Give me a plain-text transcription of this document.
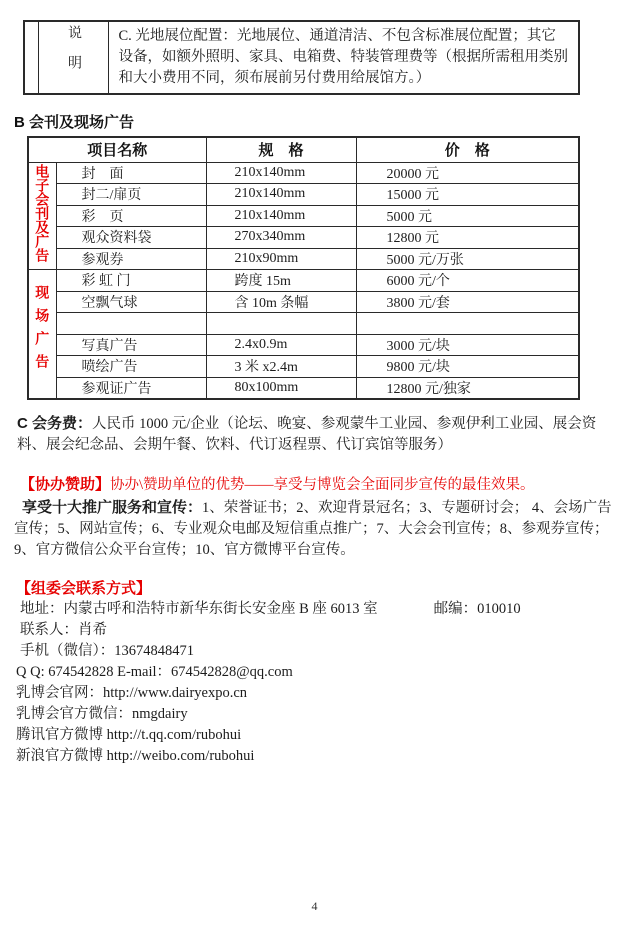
	说明	C. 光地展位配置：光地展位、通道清洁、不包含标准展位配置；其它设备，如额外照明、家具、电箱费、特装管理费等（根据所需租用类别和大小费用不同，须布展前另付费用给展馆方。）
B 会刊及现场广告
项目名称		规　格	价　格
电子会刊及广告	封　面	210x140mm	20000 元
	封二/扉页	210x140mm	15000 元
	彩　页	210x140mm	5000 元
	观众资料袋	270x340mm	12800 元
	参观券	210x90mm	5000 元/万张
现场广告	彩 虹 门	跨度 15m	6000 元/个
	空飘气球	含 10m 条幅	3800 元/套

	写真广告	2.4x0.9m	3000 元/块
	喷绘广告	3 米 x2.4m	9800 元/块
	参观证广告	80x100mm	12800 元/独家

C 会务费：人民币 1000 元/企业（论坛、晚宴、参观蒙牛工业园、参观伊利工业园、展会资料、展会纪念品、会期午餐、饮料、代订返程票、代订宾馆等服务）

【协办赞助】协办\赞助单位的优势——享受与博览会全面同步宣传的最佳效果。

享受十大推广服务和宣传：1、荣誉证书；2、欢迎背景冠名；3、专题研讨会； 4、会场广告宣传；5、网站宣传；6、专业观众电邮及短信重点推广；7、大会会刊宣传；8、参观券宣传；9、官方微信公众平台宣传；10、官方微博平台宣传。

【组委会联系方式】

地址：内蒙古呼和浩特市新华东街长安金座 B 座 6013 室	邮编：010010

联系人：肖希

手机（微信）：13674848471

Q Q: 674542828 E-mail：674542828@qq.com

乳博会官网：http://www.dairyexpo.cn

乳博会官方微信：nmgdairy

腾讯官方微博 http://t.qq.com/rubohui

新浪官方微博 http://weibo.com/rubohui

4
